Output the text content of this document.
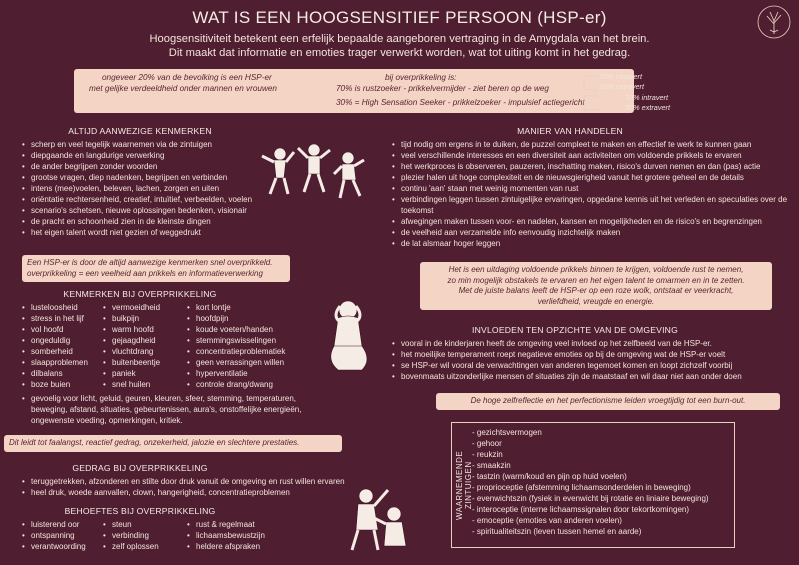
WAT IS EEN HOOGSENSITIEF PERSOON (HSP-er)
Hoogsensitiviteit betekent een erfelijk bepaalde aangeboren vertraging in de Amygdala van het brein.
Dit maakt dat informatie en emoties trager verwerkt worden, wat tot uiting komt in het gedrag.
ongeveer 20% van de bevolking is een HSP-er
met gelijke verdeeldheid onder mannen en vrouwen
bij overprikkeling is:
70% is rustzoeker - prikkelvermijder - ziet beren op de weg
30% = High Sensation Seeker - prikkelzoeker - impulsief actiegericht
70% intravert
30% extravert
70% intravert
30% extravert
ALTIJD AANWEZIGE KENMERKEN
• scherp en veel tegelijk waarnemen via de zintuigen
• diepgaande en langdurige verwerking
• de ander begrijpen zonder woorden
• grootse vragen, diep nadenken, begrijpen en verbinden
• intens (mee)voelen, beleven, lachen, zorgen en uiten
• oriëntatie rechtersenheid, creatief, intuïtief, verbeelden, voelen
• scenario's schetsen, nieuwe oplossingen bedenken, visionair
• de pracht en schoonheid zien in de kleinste dingen
• het eigen talent wordt niet gezien of weggedrukt
Een HSP-er is door de altijd aanwezige kenmerken snel overprikkeld.
overprikkeling = een veelheid aan prikkels en informatieverwerking
KENMERKEN BIJ OVERPRIKKELING
• lusteloosheid
• stress in het lijf
• vol hoofd
• ongeduldig
• somberheid
• slaapproblemen
• dilbalans
• boze buien
• vermoeidheid
• buikpijn
• warm hoofd
• gejaagdheid
• vluchtdrang
• buitenbeentje
• paniek
• snel huilen
• kort lontje
• hoofdpijn
• koude voeten/handen
• stemmingswisselingen
• concentratieproblematiek
• geen verrassingen willen
• hyperventilatie
• controle drang/dwang
• gevoelig voor licht, geluid, geuren, kleuren, sfeer, stemming, temperaturen, beweging, afstand, situaties, gebeurtenissen, aura's, onstoffelijke energieën, ongewenste voeding, opmerkingen, kritiek.
Dit leidt tot faalangst, reactief gedrag, onzekerheid, jalozie en slechtere prestaties.
GEDRAG BIJ OVERPRIKKELING
• teruggetrekken, afzonderen en stilte door druk vanuit de omgeving en rust willen ervaren
• heel druk, woede aanvallen, clown, hangerigheid, concentratieproblemen
BEHOEFTES BIJ OVERPRIKKELING
• luisterend oor
• ontspanning
• verantwoording
• steun
• verbinding
• zelf oplossen
• rust & regelmaat
• lichaamsbewustzijn
• heldere afspraken
MANIER VAN HANDELEN
• tijd nodig om ergens in te duiken, de puzzel compleet te maken en effectief te werk te kunnen gaan
• veel verschillende interesses en een diversiteit aan activiteiten om voldoende prikkels te ervaren
• het werkproces is observeren, pauzeren, inschatting maken, risico's durven nemen en dan (pas) actie
• plezier halen uit hoge complexiteit en de nieuwsgierigheid vanuit het grotere geheel en de details
• continu 'aan' staan met weinig momenten van rust
• verbindingen leggen tussen zintuigelijke ervaringen, opgedane kennis uit het verleden en speculaties over de toekomst
• afwegingen maken tussen voor- en nadelen, kansen en mogelijkheden en de risico's en begrenzingen
• de veelheid aan verzamelde info eenvoudig inzichtelijk maken
• de lat alsmaar hoger leggen
Het is een uitdaging voldoende prikkels binnen te krijgen, voldoende rust te nemen,
zo min mogelijk obstakels te ervaren en het eigen talent te omarmen en in te zetten.
Met de juiste balans leeft de HSP-er op een roze wolk, ontstaat er veerkracht,
verliefdheid, vreugde en energie.
INVLOEDEN TEN OPZICHTE VAN DE OMGEVING
• vooral in de kinderjaren heeft de omgeving veel invloed op het zelfbeeld van de HSP-er.
• het moeilijke temperament roept negatieve emoties op bij de omgeving wat de HSP-er voelt
• se HSP-er wil vooral de verwachtingen van anderen tegemoet komen en loopt zichzelf voorbij
• bovenmaats uitzonderlijke mensen of situaties zijn de maatstaaf en wil daar niet aan onder doen
De hoge zelfreflectie en het perfectionisme leiden vroegtijdig tot een burn-out.
WAARNEMENDE ZINTUIGEN
- gezichtsvermogen
- gehoor
- reukzin
- smaakzin
- tastzin (warm/koud en pijn op huid voelen)
- proprioceptie (afstemming lichaamsonderdelen in beweging)
- evenwichtszin (fysiek in evenwicht bij rotatie en liniaire beweging)
- interoceptie (interne lichaamssignalen door tekortkomingen)
- emoceptie (emoties van anderen voelen)
- spiritualiteitszin (leven tussen hemel en aarde)
